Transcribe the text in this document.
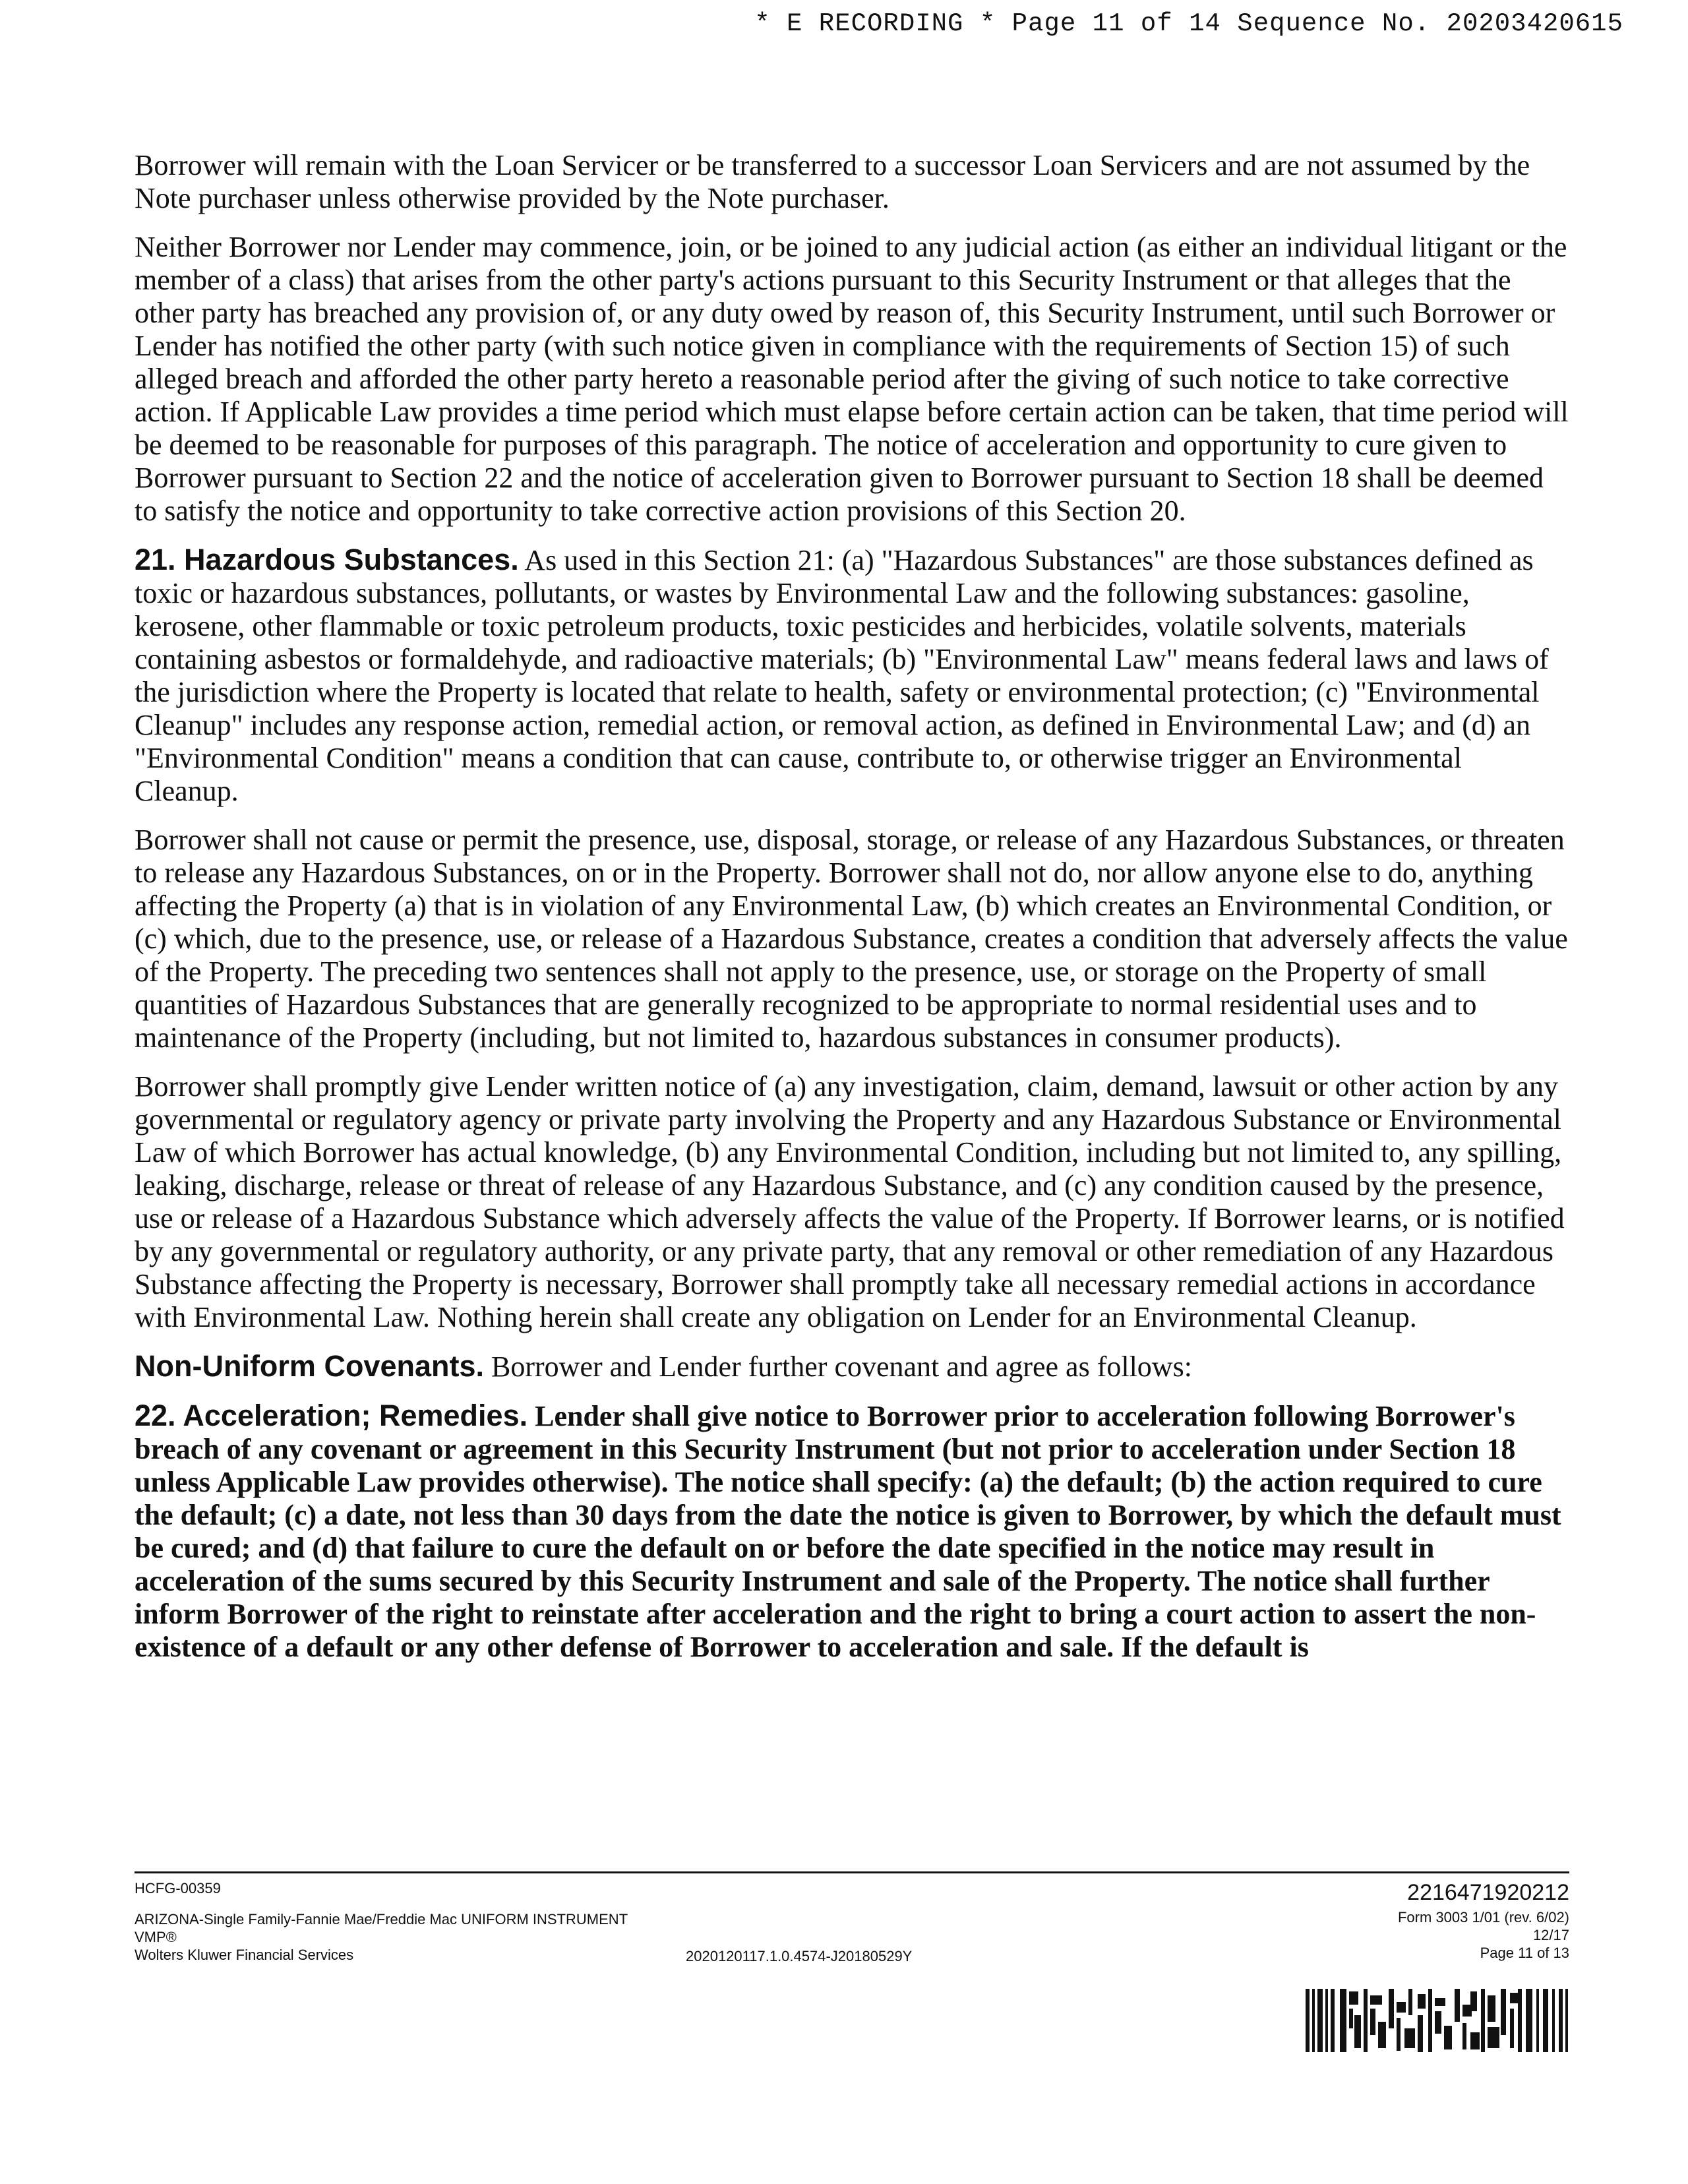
* E RECORDING * Page 11 of 14 Sequence No. 20203420615

Borrower will remain with the Loan Servicer or be transferred to a successor Loan Servicers and are not assumed by the Note purchaser unless otherwise provided by the Note purchaser.

Neither Borrower nor Lender may commence, join, or be joined to any judicial action (as either an individual litigant or the member of a class) that arises from the other party's actions pursuant to this Security Instrument or that alleges that the other party has breached any provision of, or any duty owed by reason of, this Security Instrument, until such Borrower or Lender has notified the other party (with such notice given in compliance with the requirements of Section 15) of such alleged breach and afforded the other party hereto a reasonable period after the giving of such notice to take corrective action. If Applicable Law provides a time period which must elapse before certain action can be taken, that time period will be deemed to be reasonable for purposes of this paragraph. The notice of acceleration and opportunity to cure given to Borrower pursuant to Section 22 and the notice of acceleration given to Borrower pursuant to Section 18 shall be deemed to satisfy the notice and opportunity to take corrective action provisions of this Section 20.

21. Hazardous Substances. As used in this Section 21: (a) "Hazardous Substances" are those substances defined as toxic or hazardous substances, pollutants, or wastes by Environmental Law and the following substances: gasoline, kerosene, other flammable or toxic petroleum products, toxic pesticides and herbicides, volatile solvents, materials containing asbestos or formaldehyde, and radioactive materials; (b) "Environmental Law" means federal laws and laws of the jurisdiction where the Property is located that relate to health, safety or environmental protection; (c) "Environmental Cleanup" includes any response action, remedial action, or removal action, as defined in Environmental Law; and (d) an "Environmental Condition" means a condition that can cause, contribute to, or otherwise trigger an Environmental Cleanup.

Borrower shall not cause or permit the presence, use, disposal, storage, or release of any Hazardous Substances, or threaten to release any Hazardous Substances, on or in the Property. Borrower shall not do, nor allow anyone else to do, anything affecting the Property (a) that is in violation of any Environmental Law, (b) which creates an Environmental Condition, or (c) which, due to the presence, use, or release of a Hazardous Substance, creates a condition that adversely affects the value of the Property. The preceding two sentences shall not apply to the presence, use, or storage on the Property of small quantities of Hazardous Substances that are generally recognized to be appropriate to normal residential uses and to maintenance of the Property (including, but not limited to, hazardous substances in consumer products).

Borrower shall promptly give Lender written notice of (a) any investigation, claim, demand, lawsuit or other action by any governmental or regulatory agency or private party involving the Property and any Hazardous Substance or Environmental Law of which Borrower has actual knowledge, (b) any Environmental Condition, including but not limited to, any spilling, leaking, discharge, release or threat of release of any Hazardous Substance, and (c) any condition caused by the presence, use or release of a Hazardous Substance which adversely affects the value of the Property. If Borrower learns, or is notified by any governmental or regulatory authority, or any private party, that any removal or other remediation of any Hazardous Substance affecting the Property is necessary, Borrower shall promptly take all necessary remedial actions in accordance with Environmental Law. Nothing herein shall create any obligation on Lender for an Environmental Cleanup.

Non-Uniform Covenants. Borrower and Lender further covenant and agree as follows:

22. Acceleration; Remedies. Lender shall give notice to Borrower prior to acceleration following Borrower's breach of any covenant or agreement in this Security Instrument (but not prior to acceleration under Section 18 unless Applicable Law provides otherwise). The notice shall specify: (a) the default; (b) the action required to cure the default; (c) a date, not less than 30 days from the date the notice is given to Borrower, by which the default must be cured; and (d) that failure to cure the default on or before the date specified in the notice may result in acceleration of the sums secured by this Security Instrument and sale of the Property. The notice shall further inform Borrower of the right to reinstate after acceleration and the right to bring a court action to assert the non-existence of a default or any other defense of Borrower to acceleration and sale. If the default is

HCFG-00359
ARIZONA-Single Family-Fannie Mae/Freddie Mac UNIFORM INSTRUMENT
VMP®
Wolters Kluwer Financial Services	2020120117.1.0.4574-J20180529Y
2216471920212
Form 3003 1/01 (rev. 6/02)
12/17
Page 11 of 13
